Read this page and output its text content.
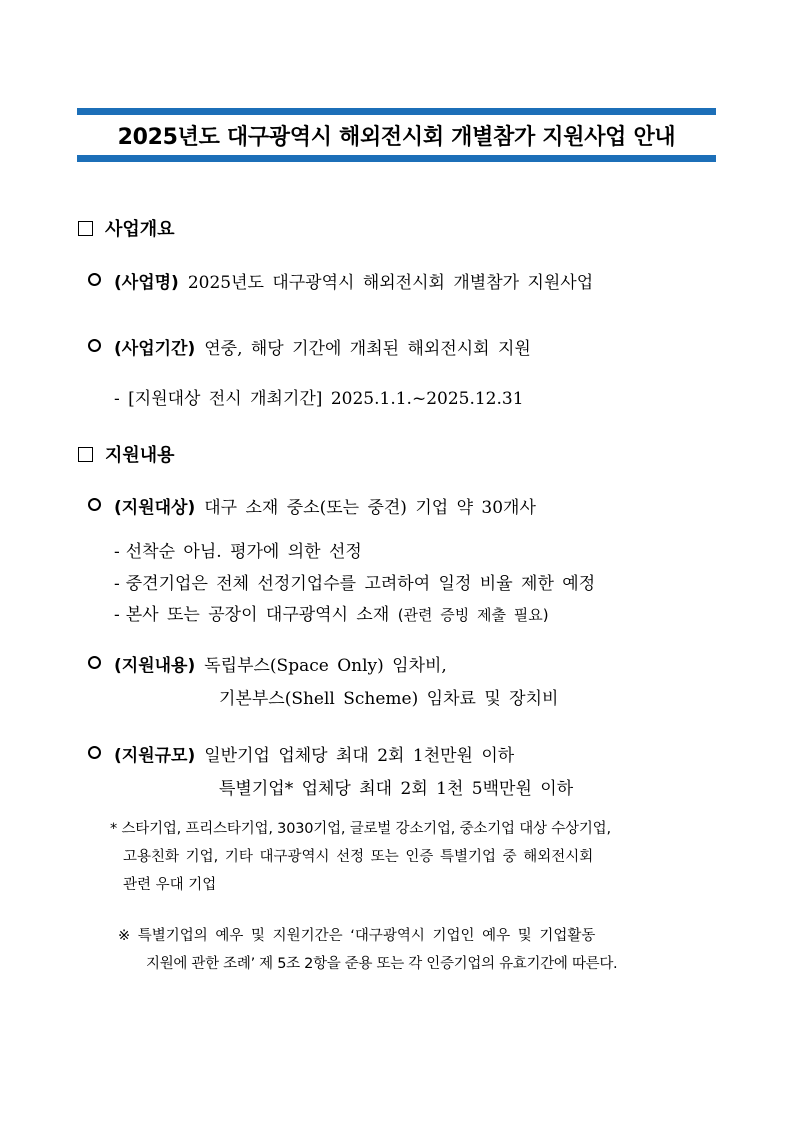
2025년도 대구광역시 해외전시회 개별참가 지원사업 안내
사업개요
(사업명) 2025년도 대구광역시 해외전시회 개별참가 지원사업
(사업기간) 연중, 해당 기간에 개최된 해외전시회 지원
- [지원대상 전시 개최기간] 2025.1.1.~2025.12.31
지원내용
(지원대상) 대구 소재 중소(또는 중견) 기업 약 30개사
- 선착순 아님. 평가에 의한 선정
- 중견기업은 전체 선정기업수를 고려하여 일정 비율 제한 예정
- 본사 또는 공장이 대구광역시 소재 (관련 증빙 제출 필요)
(지원내용) 독립부스(Space Only) 임차비,
기본부스(Shell Scheme) 임차료 및 장치비
(지원규모) 일반기업 업체당 최대 2회 1천만원 이하
특별기업* 업체당 최대 2회 1천 5백만원 이하
* 스타기업, 프리스타기업, 3030기업, 글로벌 강소기업, 중소기업 대상 수상기업,
고용친화 기업, 기타 대구광역시 선정 또는 인증 특별기업 중 해외전시회
관련 우대 기업
※ 특별기업의 예우 및 지원기간은 ‘대구광역시 기업인 예우 및 기업활동
지원에 관한 조례’ 제 5조 2항을 준용 또는 각 인증기업의 유효기간에 따른다.
